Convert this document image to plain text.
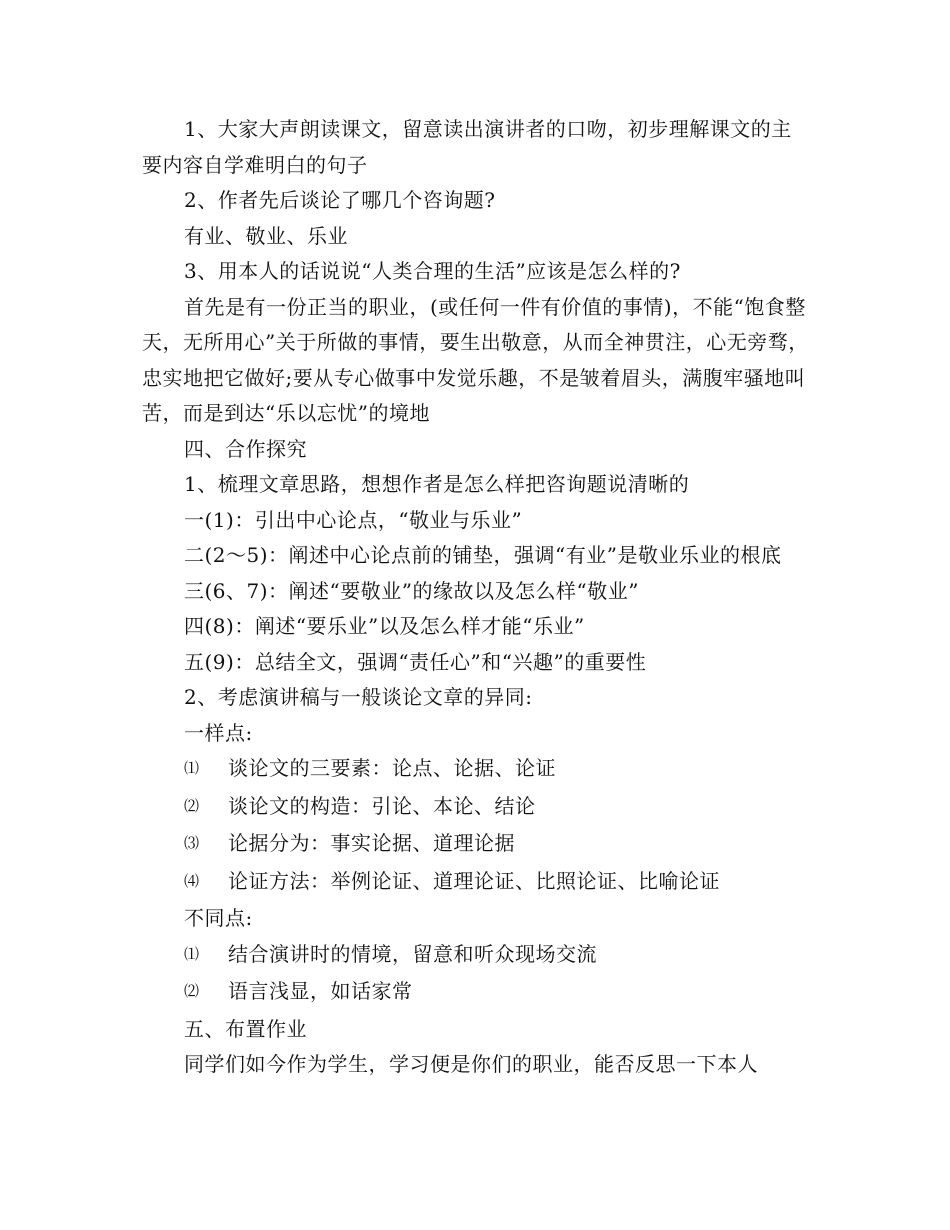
1、大家大声朗读课文，留意读出演讲者的口吻，初步理解课文的主要内容自学难明白的句子

2、作者先后谈论了哪几个咨询题?

有业、敬业、乐业

3、用本人的话说说“人类合理的生活”应该是怎么样的?

首先是有一份正当的职业，(或任何一件有价值的事情)，不能“饱食整天，无所用心”关于所做的事情，要生出敬意，从而全神贯注，心无旁骛，忠实地把它做好;要从专心做事中发觉乐趣，不是皱着眉头，满腹牢骚地叫苦，而是到达“乐以忘忧”的境地

四、合作探究

1、梳理文章思路，想想作者是怎么样把咨询题说清晰的

一(1)：引出中心论点，“敬业与乐业”

二(2～5)：阐述中心论点前的铺垫，强调“有业”是敬业乐业的根底

三(6、7)：阐述“要敬业”的缘故以及怎么样“敬业”

四(8)：阐述“要乐业”以及怎么样才能“乐业”

五(9)：总结全文，强调“责任心”和“兴趣”的重要性

2、考虑演讲稿与一般谈论文章的异同:

一样点:

⑴	谈论文的三要素：论点、论据、论证
⑵	谈论文的构造：引论、本论、结论
⑶	论据分为：事实论据、道理论据
⑷	论证方法：举例论证、道理论证、比照论证、比喻论证

不同点:

⑴	结合演讲时的情境，留意和听众现场交流
⑵	语言浅显，如话家常

五、布置作业

同学们如今作为学生，学习便是你们的职业，能否反思一下本人
